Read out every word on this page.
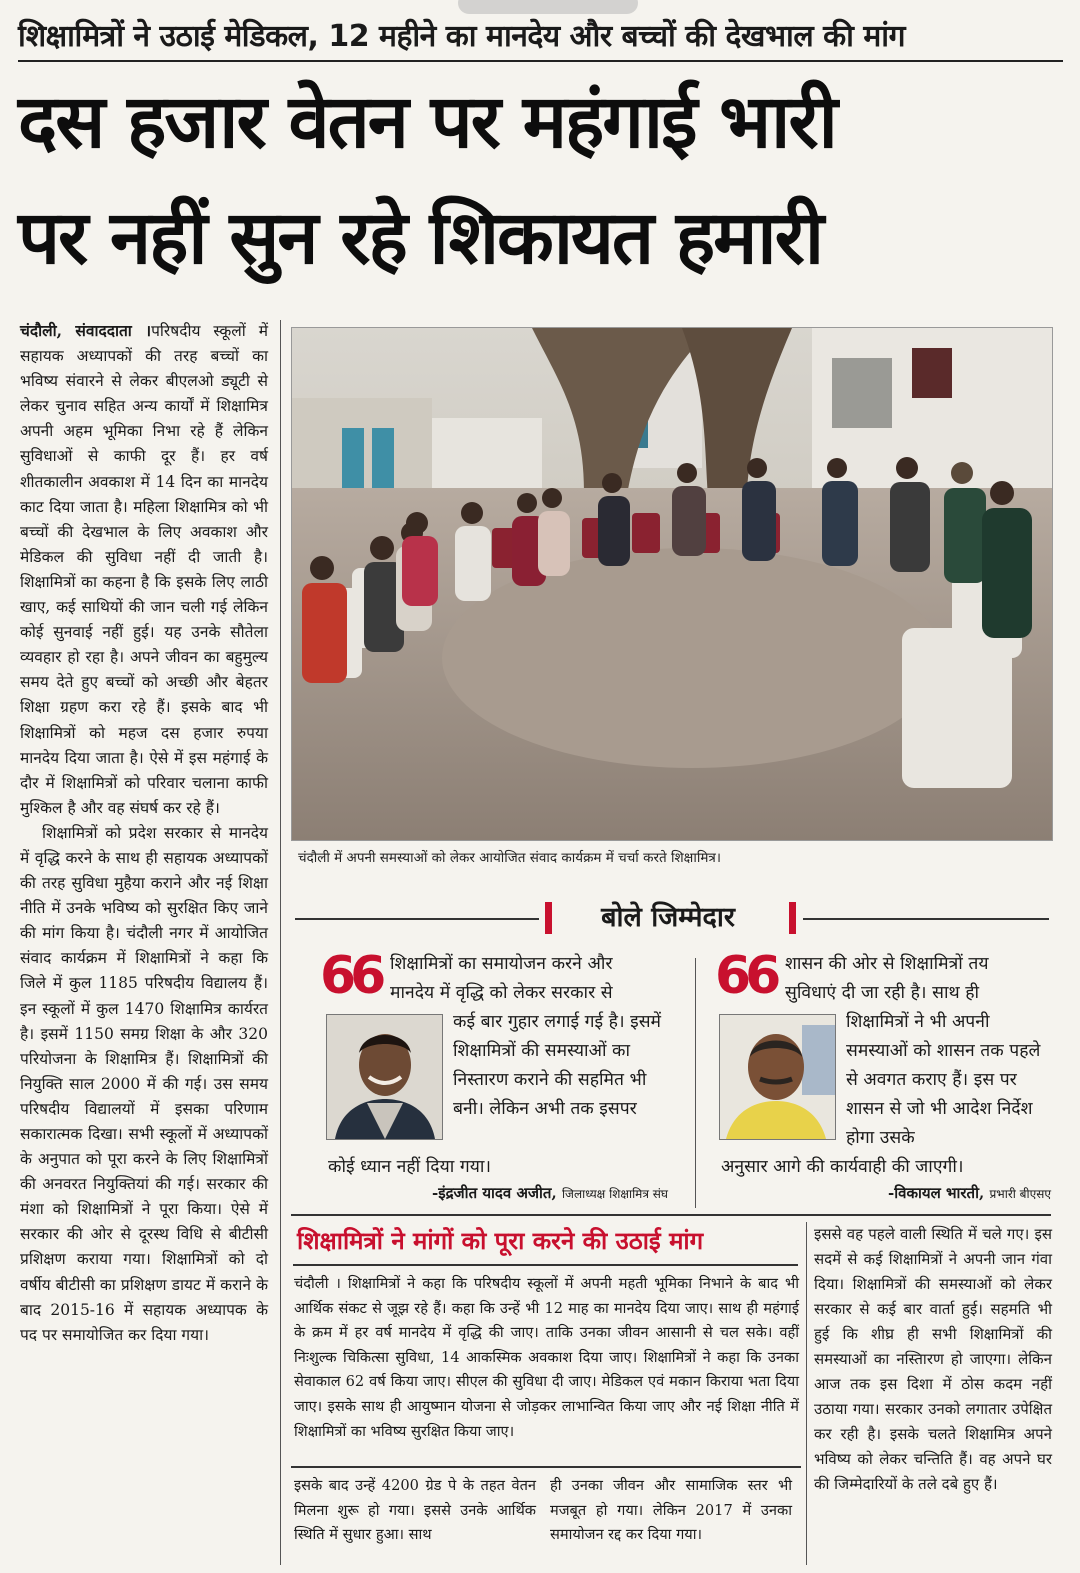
शिक्षामित्रों ने उठाई मेडिकल, 12 महीने का मानदेय और बच्चों की देखभाल की मांग
दस हजार वेतन पर महंगाई भारी
पर नहीं सुन रहे शिकायत हमारी

चंदौली, संवाददाता ।परिषदीय स्कूलों में सहायक अध्यापकों की तरह बच्चों का भविष्य संवारने से लेकर बीएलओ ड्यूटी से लेकर चुनाव सहित अन्य कार्यों में शिक्षामित्र अपनी अहम भूमिका निभा रहे हैं लेकिन सुविधाओं से काफी दूर हैं। हर वर्ष शीतकालीन अवकाश में 14 दिन का मानदेय काट दिया जाता है। महिला शिक्षामित्र को भी बच्चों की देखभाल के लिए अवकाश और मेडिकल की सुविधा नहीं दी जाती है। शिक्षामित्रों का कहना है कि इसके लिए लाठी खाए, कई साथियों की जान चली गई लेकिन कोई सुनवाई नहीं हुई। यह उनके सौतेला व्यवहार हो रहा है। अपने जीवन का बहुमुल्य समय देते हुए बच्चों को अच्छी और बेहतर शिक्षा ग्रहण करा रहे हैं। इसके बाद भी शिक्षामित्रों को महज दस हजार रुपया मानदेय दिया जाता है। ऐसे में इस महंगाई के दौर में शिक्षामित्रों को परिवार चलाना काफी मुश्किल है और वह संघर्ष कर रहे हैं।

शिक्षामित्रों को प्रदेश सरकार से मानदेय में वृद्धि करने के साथ ही सहायक अध्यापकों की तरह सुविधा मुहैया कराने और नई शिक्षा नीति में उनके भविष्य को सुरक्षित किए जाने की मांग किया है। चंदौली नगर में आयोजित संवाद कार्यक्रम में शिक्षामित्रों ने कहा कि जिले में कुल 1185 परिषदीय विद्यालय हैं। इन स्कूलों में कुल 1470 शिक्षामित्र कार्यरत है। इसमें 1150 समग्र शिक्षा के और 320 परियोजना के शिक्षामित्र हैं। शिक्षामित्रों की नियुक्ति साल 2000 में की गई। उस समय परिषदीय विद्यालयों में इसका परिणाम सकारात्मक दिखा। सभी स्कूलों में अध्यापकों के अनुपात को पूरा करने के लिए शिक्षामित्रों की अनवरत नियुक्तियां की गई। सरकार की मंशा को शिक्षामित्रों ने पूरा किया। ऐसे में सरकार की ओर से दूरस्थ विधि से बीटीसी प्रशिक्षण कराया गया। शिक्षामित्रों को दो वर्षीय बीटीसी का प्रशिक्षण डायट में कराने के बाद 2015-16 में सहायक अध्यापक के पद पर समायोजित कर दिया गया।

चंदौली में अपनी समस्याओं को लेकर आयोजित संवाद कार्यक्रम में चर्चा करते शिक्षामित्र।
बोले जिम्मेदार
66 शिक्षामित्रों का समायोजन करने और
मानदेय में वृद्धि को लेकर सरकार से
कई बार गुहार लगाई गई है। इसमें शिक्षामित्रों की समस्याओं का निस्तारण कराने की सहमित भी बनी। लेकिन अभी तक इसपर
कोई ध्यान नहीं दिया गया।
-इंद्रजीत यादव अजीत, जिलाध्यक्ष शिक्षामित्र संघ
66 शासन की ओर से शिक्षामित्रों तय
सुविधाएं दी जा रही है। साथ ही
शिक्षामित्रों ने भी अपनी समस्याओं को शासन तक पहले से अवगत कराए हैं। इस पर शासन से जो भी आदेश निर्देश होगा उसके
अनुसार आगे की कार्यवाही की जाएगी।
-विकायल भारती, प्रभारी बीएसए
शिक्षामित्रों ने मांगों को पूरा करने की उठाई मांग
चंदौली । शिक्षामित्रों ने कहा कि परिषदीय स्कूलों में अपनी महती भूमिका निभाने के बाद भी आर्थिक संकट से जूझ रहे हैं। कहा कि उन्हें भी 12 माह का मानदेय दिया जाए। साथ ही महंगाई के क्रम में हर वर्ष मानदेय में वृद्धि की जाए। ताकि उनका जीवन आसानी से चल सके। वहीं निःशुल्क चिकित्सा सुविधा, 14 आकस्मिक अवकाश दिया जाए। शिक्षामित्रों ने कहा कि उनका सेवाकाल 62 वर्ष किया जाए। सीएल की सुविधा दी जाए। मेडिकल एवं मकान किराया भता दिया जाए। इसके साथ ही आयुष्मान योजना से जोड़कर लाभान्वित किया जाए और नई शिक्षा नीति में शिक्षामित्रों का भविष्य सुरक्षित किया जाए।
इसके बाद उन्हें 4200 ग्रेड पे के तहत वेतन मिलना शुरू हो गया। इससे उनके आर्थिक स्थिति में सुधार हुआ। साथ
ही उनका जीवन और सामाजिक स्तर भी मजबूत हो गया। लेकिन 2017 में उनका समायोजन रद्द कर दिया गया।
इससे वह पहले वाली स्थिति में चले गए। इस सदमें से कई शिक्षामित्रों ने अपनी जान गंवा दिया। शिक्षामित्रों की समस्याओं को लेकर सरकार से कई बार वार्ता हुई। सहमति भी हुई कि शीघ्र ही सभी शिक्षामित्रों की समस्याओं का नस्तिारण हो जाएगा। लेकिन आज तक इस दिशा में ठोस कदम नहीं उठाया गया। सरकार उनको लगातार उपेक्षित कर रही है। इसके चलते शिक्षामित्र अपने भविष्य को लेकर चन्तिति हैं। वह अपने घर की जिम्मेदारियों के तले दबे हुए हैं।
